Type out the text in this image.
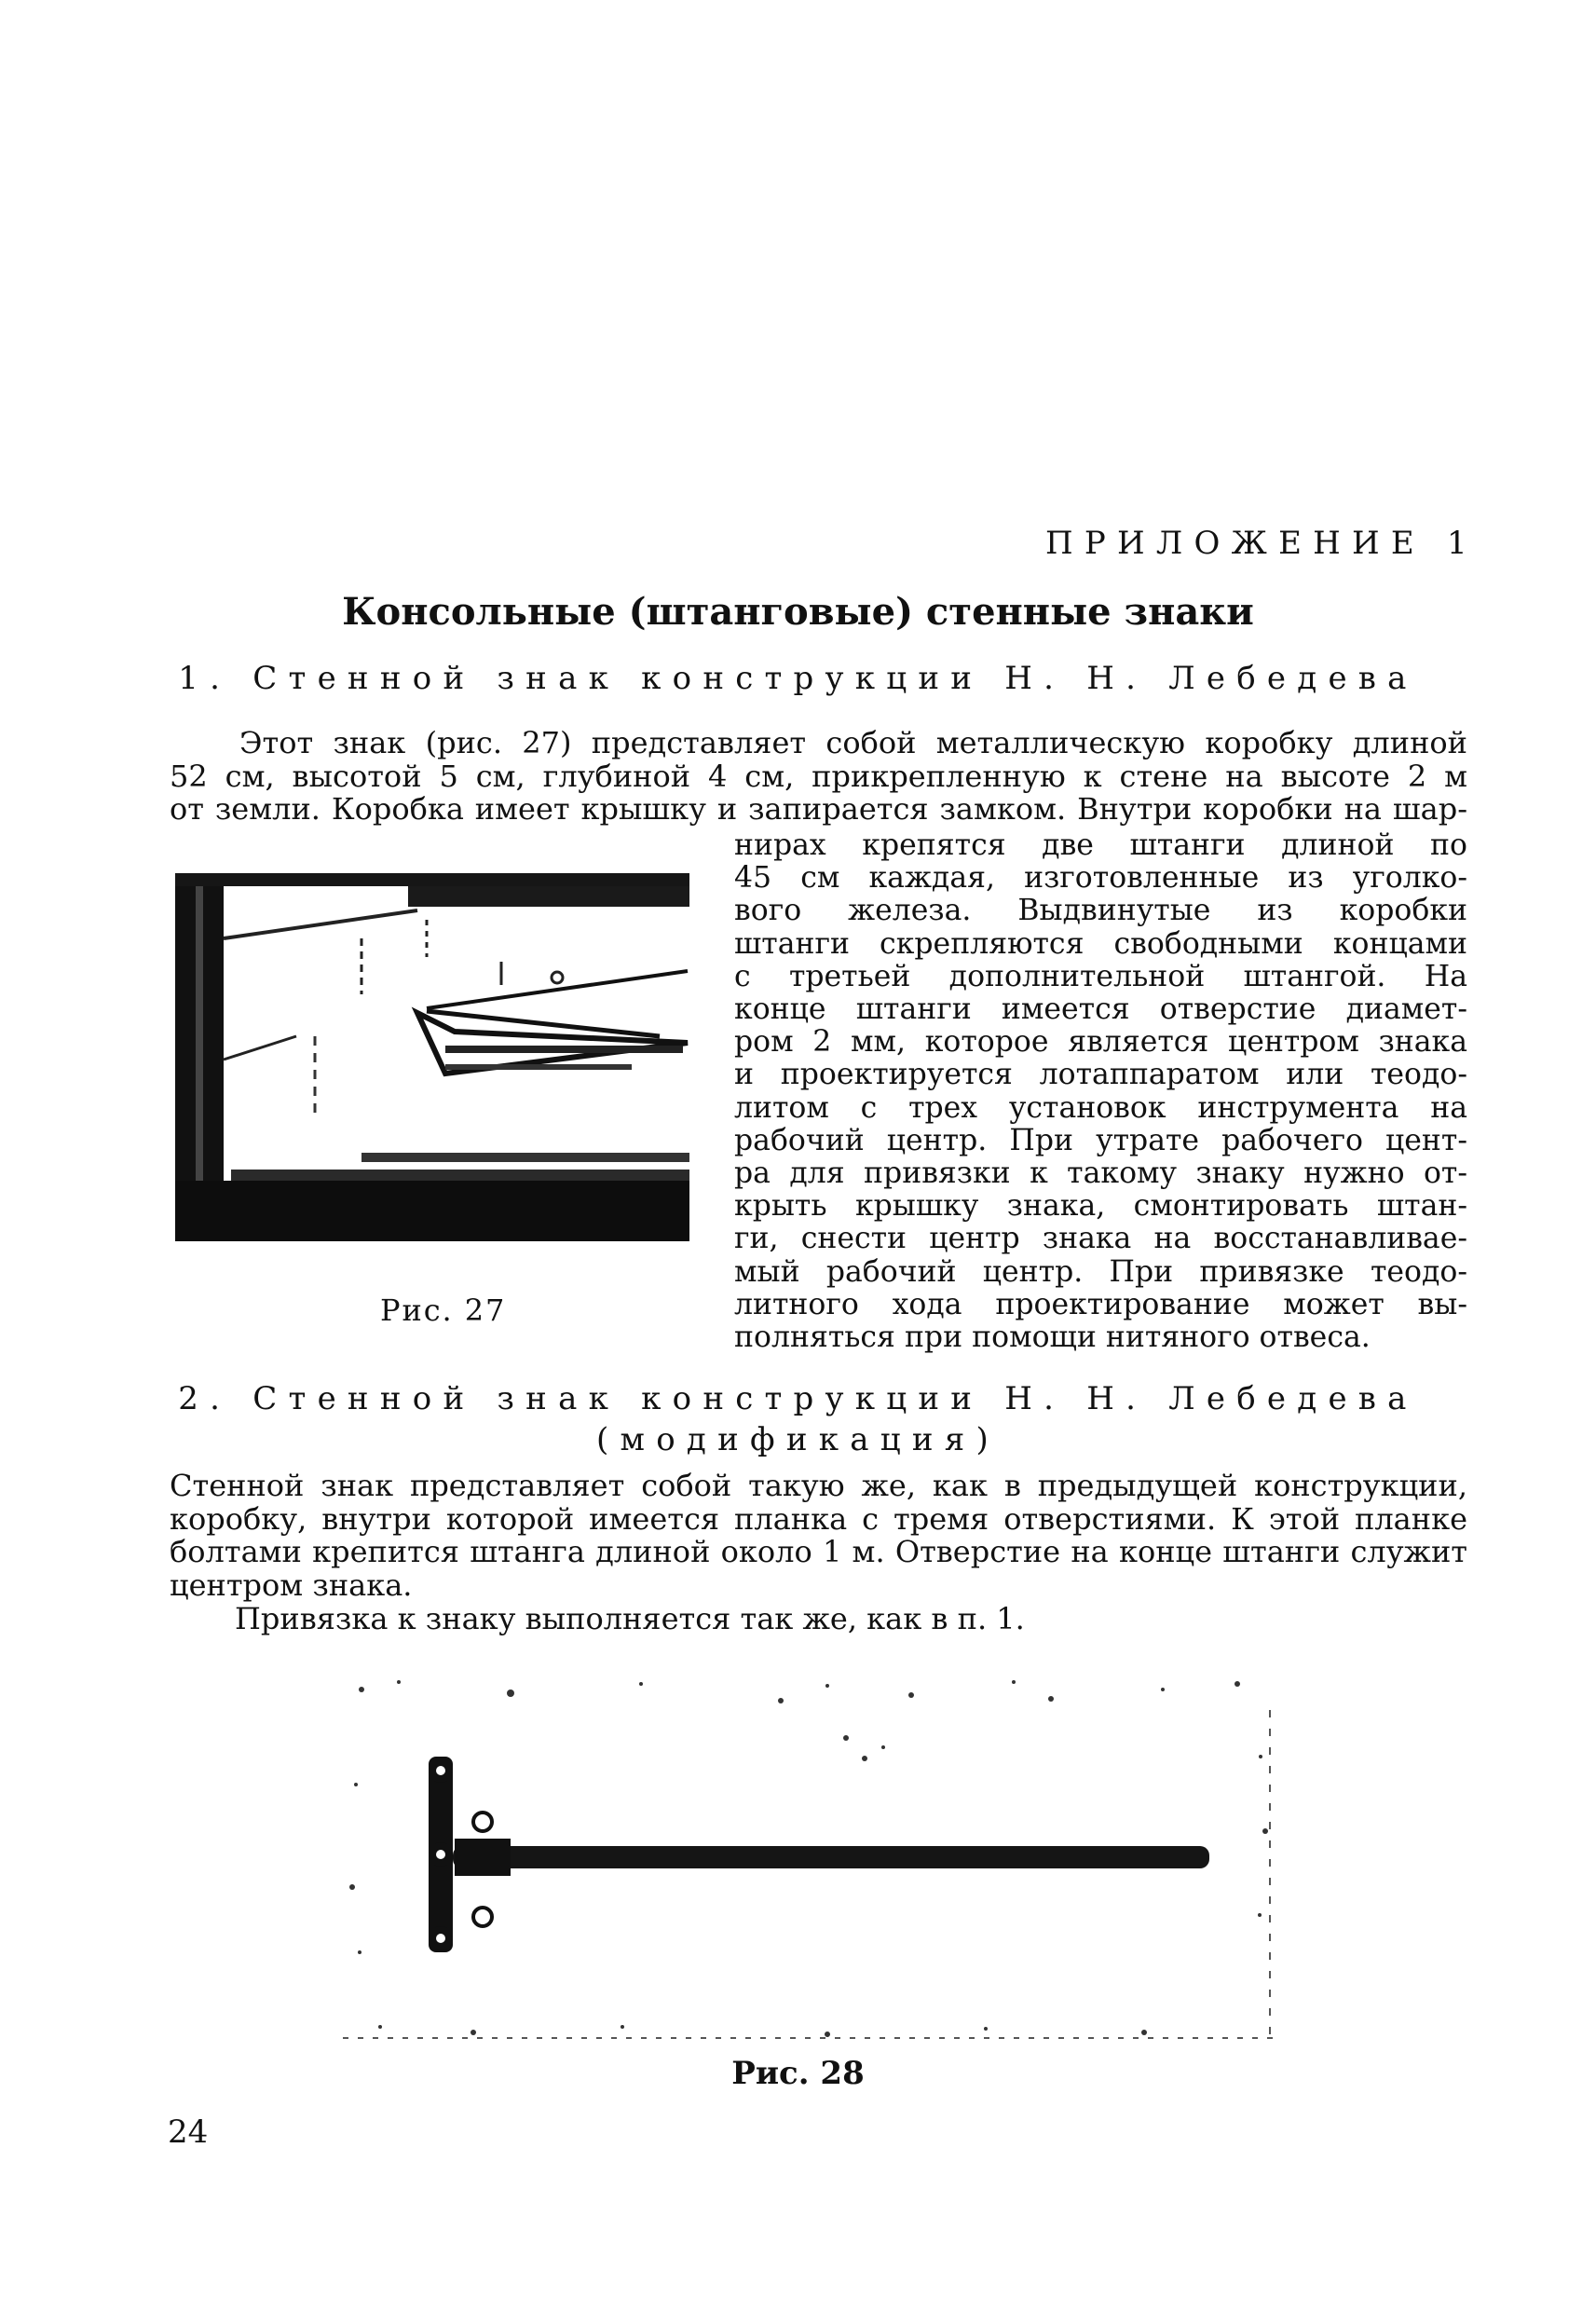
ПРИЛОЖЕНИЕ 1
Консольные (штанговые) стенные знаки
1. Стенной знак конструкции Н. Н. Лебедева
Этот знак (рис. 27) представляет собой металлическую коробку длиной
52 см, высотой 5 см, глубиной 4 см, прикрепленную к стене на высоте 2 м
от земли. Коробка имеет крышку и запирается замком. Внутри коробки на шар-
нирах крепятся две штанги длиной по
45 см каждая, изготовленные из уголко-
вого железа. Выдвинутые из коробки
штанги скрепляются свободными концами
с третьей дополнительной штангой. На
конце штанги имеется отверстие диамет-
ром 2 мм, которое является центром знака
и проектируется лотаппаратом или теодо-
литом с трех установок инструмента на
рабочий центр. При утрате рабочего цент-
ра для привязки к такому знаку нужно от-
крыть крышку знака, смонтировать штан-
ги, снести центр знака на восстанавливае-
мый рабочий центр. При привязке теодо-
литного хода проектирование может вы-
полняться при помощи нитяного отвеса.
Рис. 27
2. Стенной знак конструкции Н. Н. Лебедева
(модификация)
Стенной знак представляет собой такую же, как в предыдущей конструкции,
коробку, внутри которой имеется планка с тремя отверстиями. К этой планке
болтами крепится штанга длиной около 1 м. Отверстие на конце штанги служит
центром знака.
Привязка к знаку выполняется так же, как в п. 1.
Рис. 28
24
